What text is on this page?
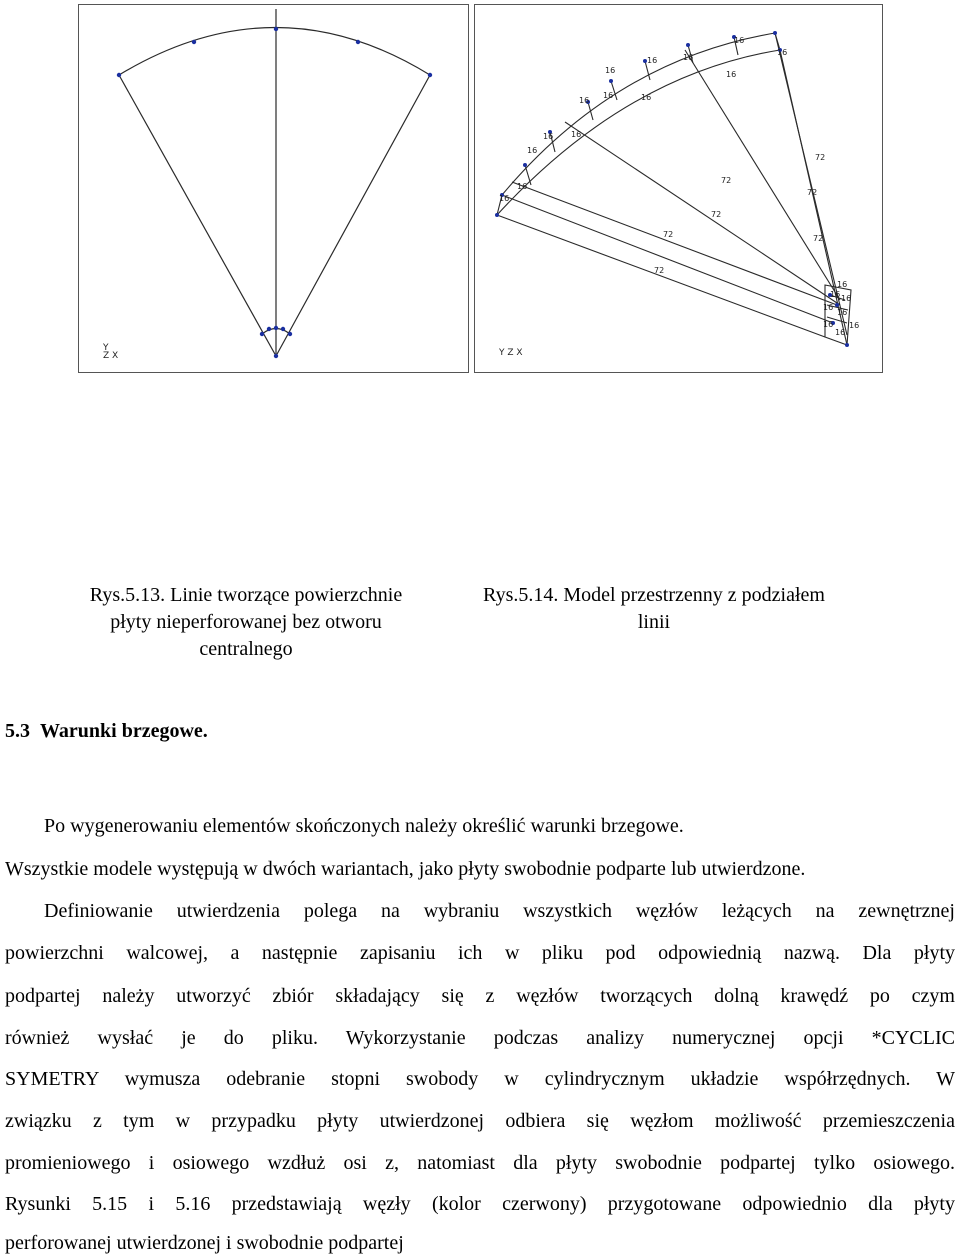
Y
Z X
16
16
16
16 16
16
16
16
16
16	16
16
16
16
72
72
72
72
72
72
72
16
16 16
16
16
16 16
16
Y Z X
Rys.5.13. Linie tworzące powierzchnie
płyty nieperforowanej bez otworu
centralnego
Rys.5.14. Model przestrzenny z podziałem
linii
5.3 Warunki brzegowe.
Po wygenerowaniu elementów skończonych należy określić warunki brzegowe.
Wszystkie modele występują w dwóch wariantach, jako płyty swobodnie podparte lub utwierdzone.
Definiowanie utwierdzenia polega na wybraniu wszystkich węzłów leżących na zewnętrznej
powierzchni walcowej, a następnie zapisaniu ich w pliku pod odpowiednią nazwą. Dla płyty
podpartej należy utworzyć zbiór składający się z węzłów tworzących dolną krawędź po czym
również wysłać je do pliku. Wykorzystanie podczas analizy numerycznej opcji *CYCLIC
SYMETRY wymusza odebranie stopni swobody w cylindrycznym układzie współrzędnych. W
związku z tym w przypadku płyty utwierdzonej odbiera się węzłom możliwość przemieszczenia
promieniowego i osiowego wzdłuż osi z, natomiast dla płyty swobodnie podpartej tylko osiowego.
Rysunki 5.15 i 5.16 przedstawiają węzły (kolor czerwony) przygotowane odpowiednio dla płyty
perforowanej utwierdzonej i swobodnie podpartej
